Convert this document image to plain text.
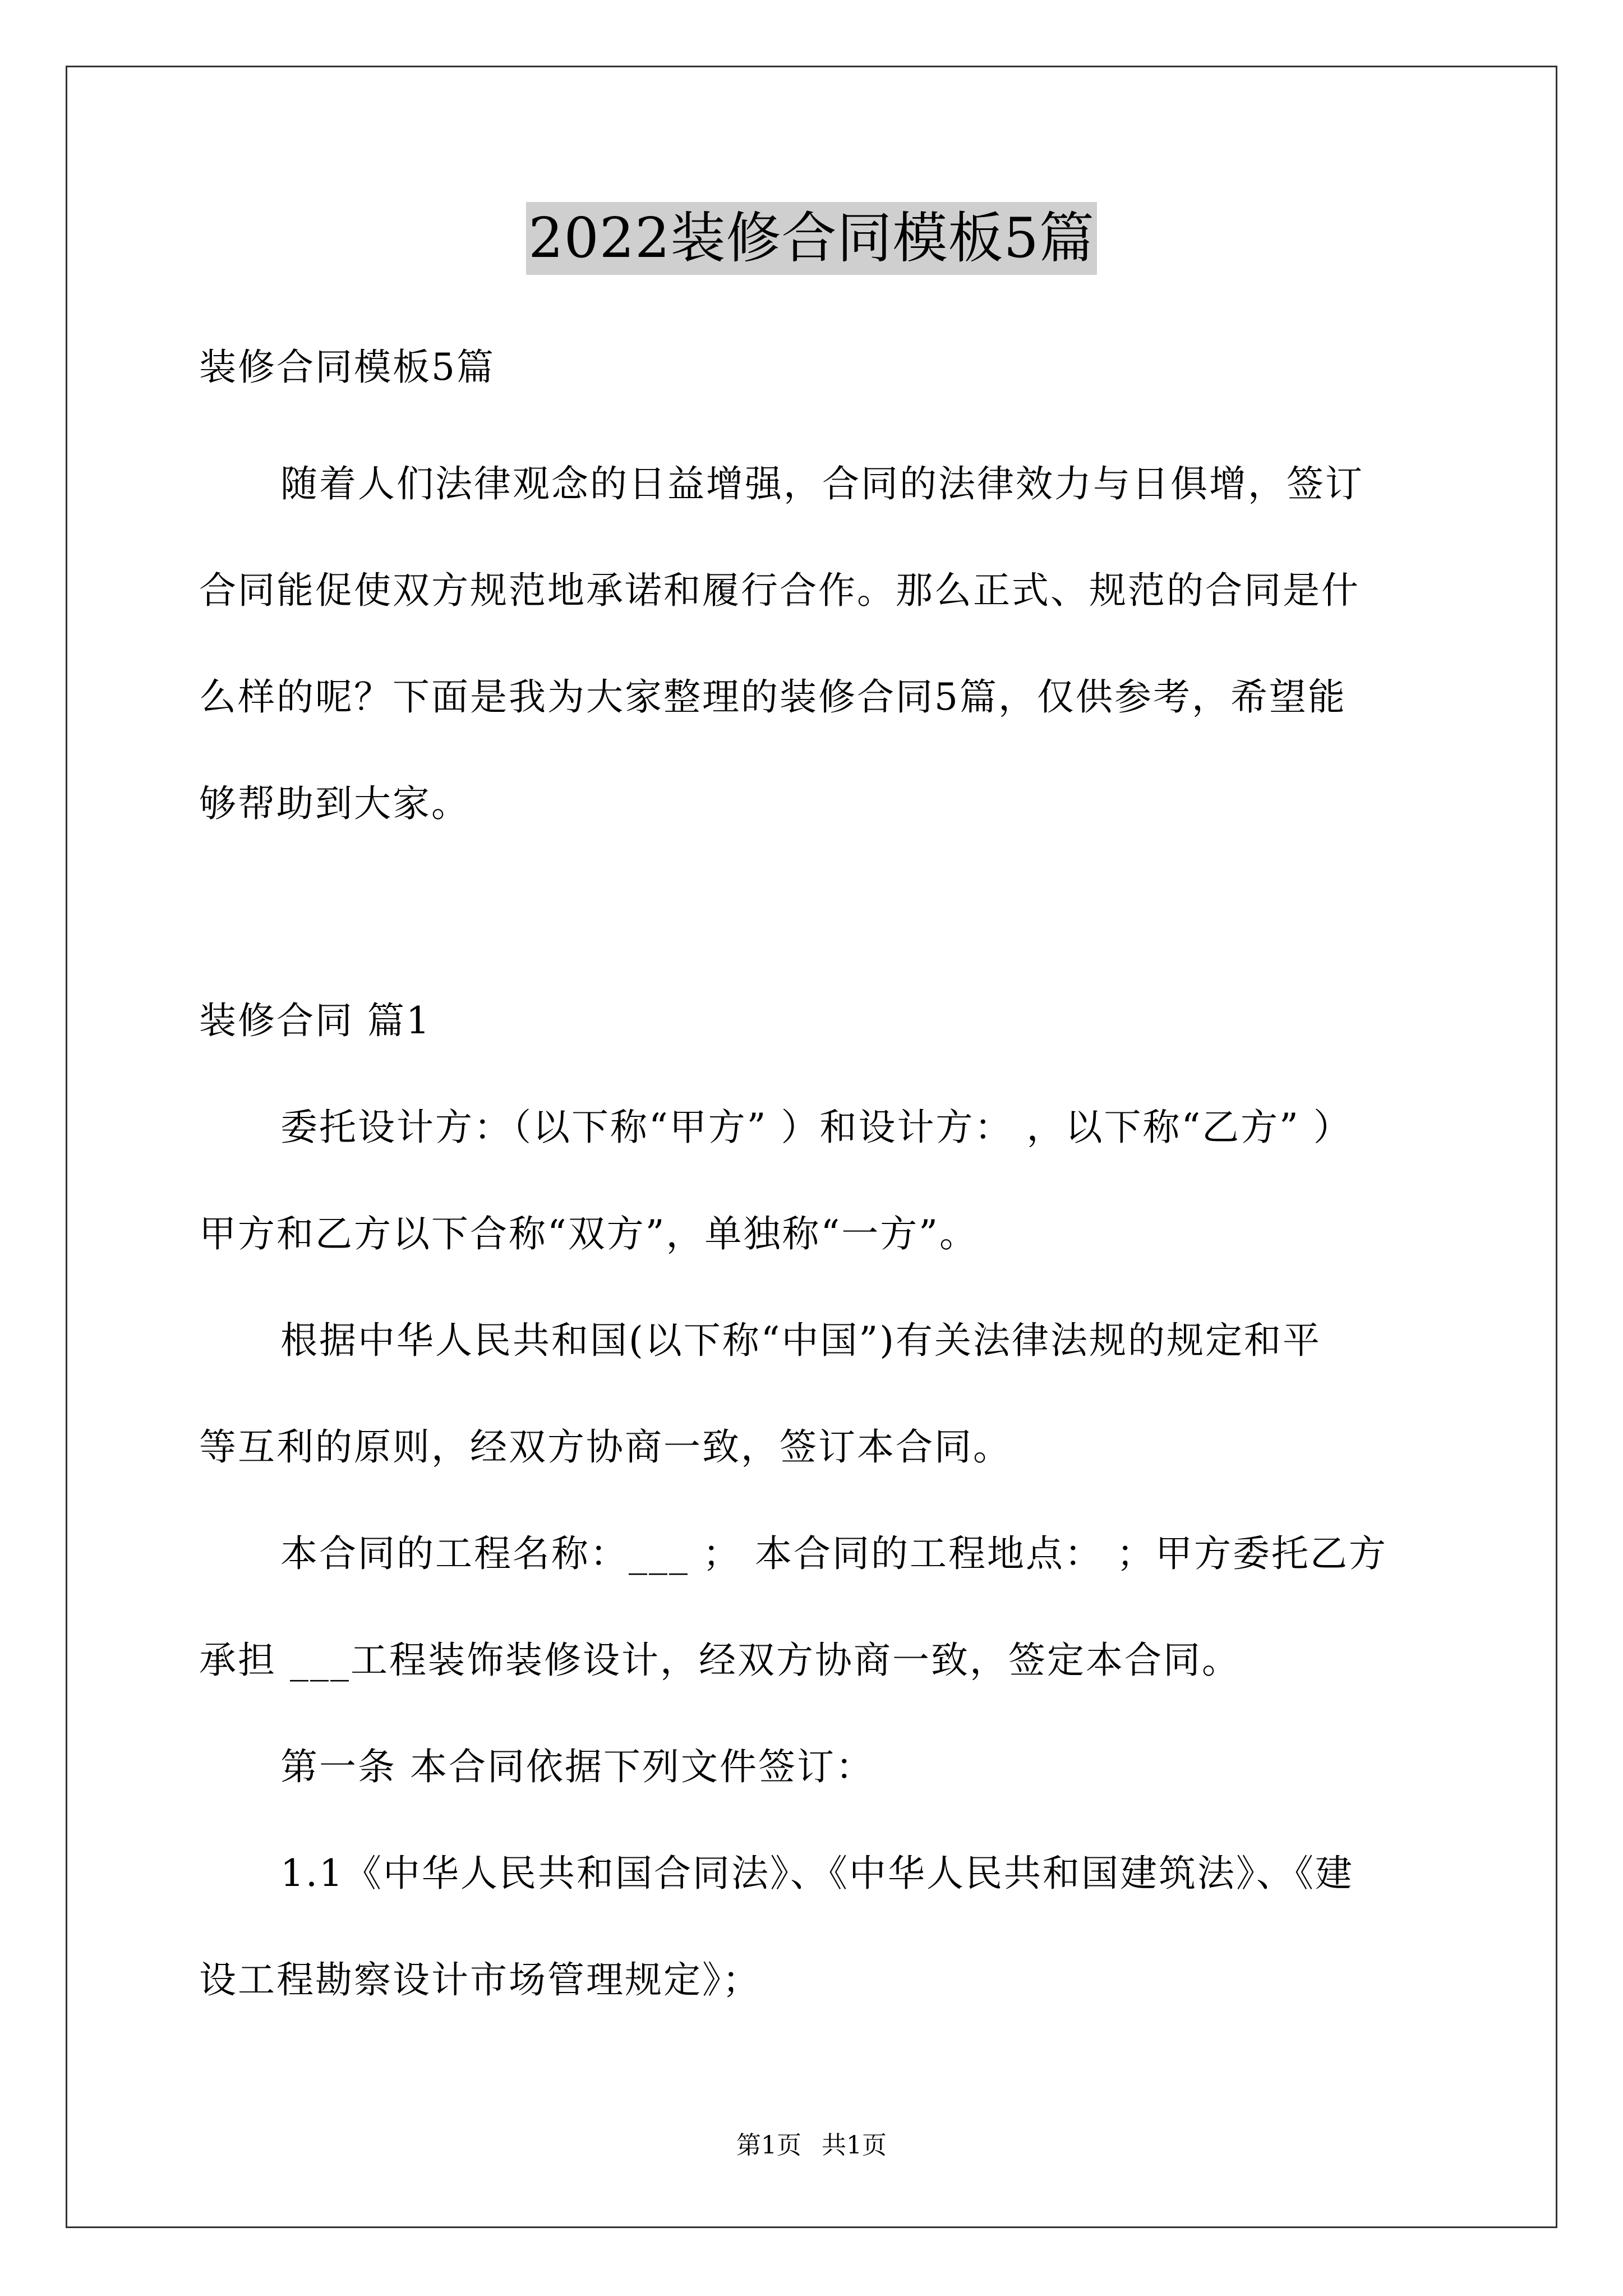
2022装修合同模板5篇
装修合同模板5篇
随着人们法律观念的日益增强，合同的法律效力与日俱增，签订
合同能促使双方规范地承诺和履行合作。那么正式、规范的合同是什
么样的呢？下面是我为大家整理的装修合同5篇，仅供参考，希望能
够帮助到大家。
装修合同 篇1
委托设计方：（以下称“甲方” ）和设计方： ，以下称“乙方” ）
甲方和乙方以下合称“双方”，单独称“一方”。
根据中华人民共和国(以下称“中国”)有关法律法规的规定和平
等互利的原则，经双方协商一致，签订本合同。
本合同的工程名称：___ ； 本合同的工程地点： ；甲方委托乙方
承担 ___工程装饰装修设计，经双方协商一致，签定本合同。
第一条 本合同依据下列文件签订：
1.1《中华人民共和国合同法》、《中华人民共和国建筑法》、《建
设工程勘察设计市场管理规定》；
第1页 共1页
